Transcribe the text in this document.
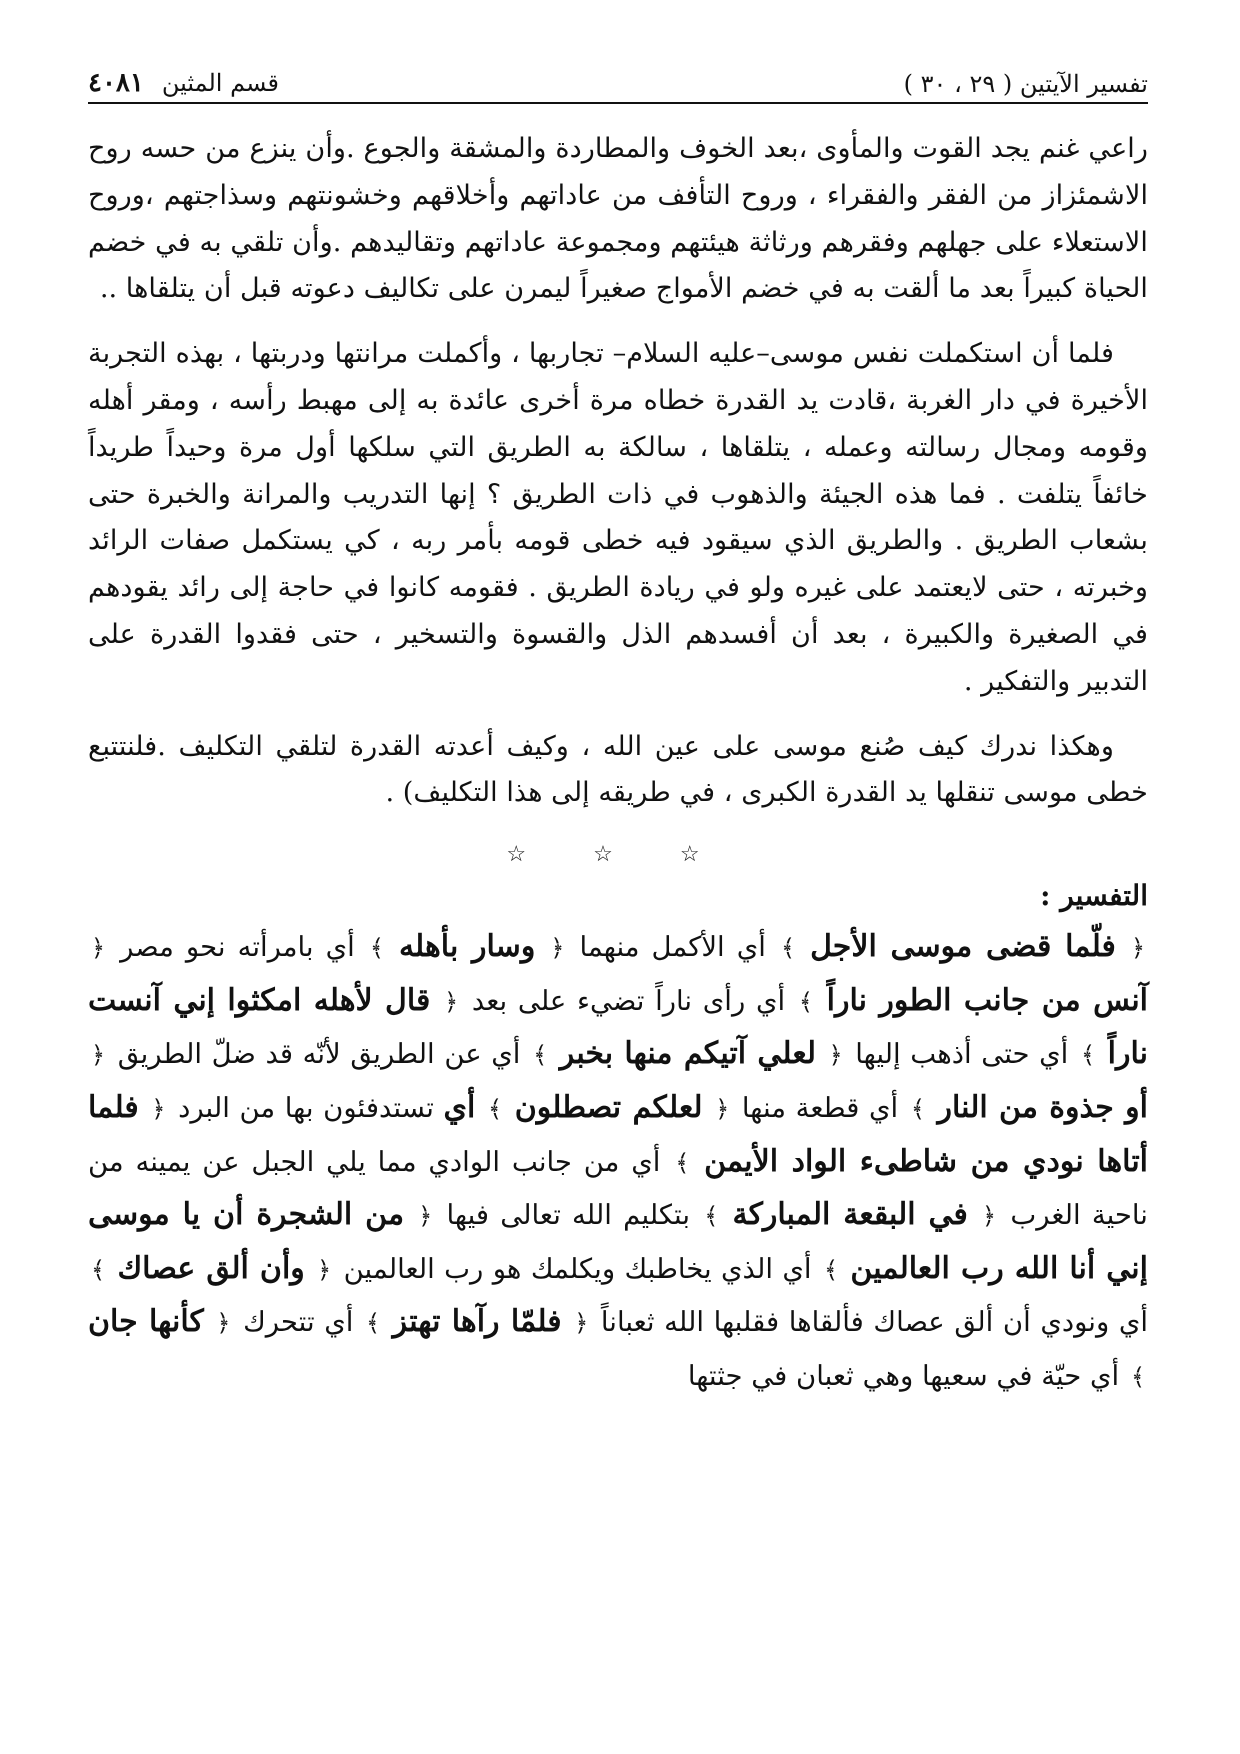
تفسير الآيتين ( ٢٩ ، ٣٠ )
قسم المثين
٤٠٨١

راعي غنم يجد القوت والمأوى ،بعد الخوف والمطاردة والمشقة والجوع .وأن ينزع من حسه روح الاشمئزاز من الفقر والفقراء ، وروح التأفف من عاداتهم وأخلاقهم وخشونتهم وسذاجتهم ،وروح الاستعلاء على جهلهم وفقرهم ورثاثة هيئتهم ومجموعة عاداتهم وتقاليدهم .وأن تلقي به في خضم الحياة كبيراً بعد ما ألقت به في خضم الأمواج صغيراً ليمرن على تكاليف دعوته قبل أن يتلقاها ..

فلما أن استكملت نفس موسى–عليه السلام– تجاربها ، وأكملت مرانتها ودربتها ، بهذه التجربة الأخيرة في دار الغربة ،قادت يد القدرة خطاه مرة أخرى عائدة به إلى مهبط رأسه ، ومقر أهله وقومه ومجال رسالته وعمله ، يتلقاها ، سالكة به الطريق التي سلكها أول مرة وحيداً طريداً خائفاً يتلفت . فما هذه الجيئة والذهوب في ذات الطريق ؟ إنها التدريب والمرانة والخبرة حتى بشعاب الطريق . والطريق الذي سيقود فيه خطى قومه بأمر ربه ، كي يستكمل صفات الرائد وخبرته ، حتى لايعتمد على غيره ولو في ريادة الطريق . فقومه كانوا في حاجة إلى رائد يقودهم في الصغيرة والكبيرة ، بعد أن أفسدهم الذل والقسوة والتسخير ، حتى فقدوا القدرة على التدبير والتفكير .

وهكذا ندرك كيف صُنع موسى على عين الله ، وكيف أعدته القدرة لتلقي التكليف .فلنتتبع خطى موسى تنقلها يد القدرة الكبرى ، في طريقه إلى هذا التكليف) .

☆ ☆ ☆
التفسير :

﴿ فلّما قضى موسى الأجل ﴾ أي الأكمل منهما ﴿ وسار بأهله ﴾ أي بامرأته نحو مصر ﴿ آنس من جانب الطور ناراً ﴾ أي رأى ناراً تضيء على بعد ﴿ قال لأهله امكثوا إني آنست ناراً ﴾ أي حتى أذهب إليها ﴿ لعلي آتيكم منها بخبر ﴾ أي عن الطريق لأنّه قد ضلّ الطريق ﴿ أو جذوة من النار ﴾ أي قطعة منها ﴿ لعلكم تصطلون ﴾ أي تستدفئون بها من البرد ﴿ فلما أتاها نودي من شاطىء الواد الأيمن ﴾ أي من جانب الوادي مما يلي الجبل عن يمينه من ناحية الغرب ﴿ في البقعة المباركة ﴾ بتكليم الله تعالى فيها ﴿ من الشجرة أن يا موسى إني أنا الله رب العالمين ﴾ أي الذي يخاطبك ويكلمك هو رب العالمين ﴿ وأن ألق عصاك ﴾ أي ونودي أن ألق عصاك فألقاها فقلبها الله ثعباناً ﴿ فلمّا رآها تهتز ﴾ أي تتحرك ﴿ كأنها جان ﴾ أي حيّة في سعيها وهي ثعبان في جثتها
